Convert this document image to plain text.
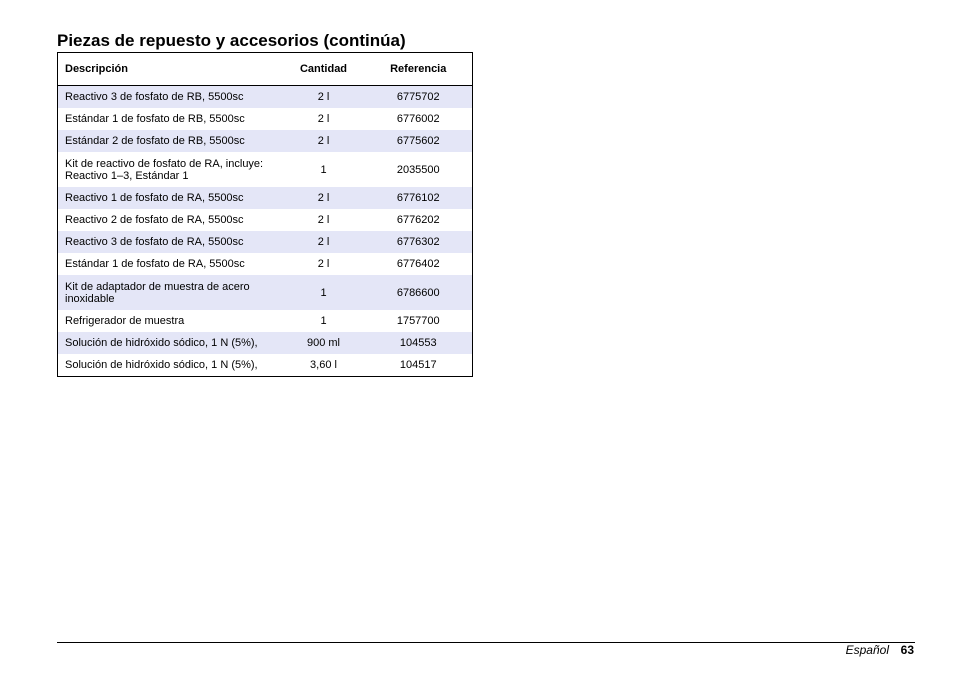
Piezas de repuesto y accesorios (continúa)
Descripción	Cantidad	Referencia
Reactivo 3 de fosfato de RB, 5500sc	2 l	6775702
Estándar 1 de fosfato de RB, 5500sc	2 l	6776002
Estándar 2 de fosfato de RB, 5500sc	2 l	6775602
Kit de reactivo de fosfato de RA, incluye: Reactivo 1–3, Estándar 1	1	2035500
Reactivo 1 de fosfato de RA, 5500sc	2 l	6776102
Reactivo 2 de fosfato de RA, 5500sc	2 l	6776202
Reactivo 3 de fosfato de RA, 5500sc	2 l	6776302
Estándar 1 de fosfato de RA, 5500sc	2 l	6776402
Kit de adaptador de muestra de acero inoxidable	1	6786600
Refrigerador de muestra	1	1757700
Solución de hidróxido sódico, 1 N (5%),	900 ml	104553
Solución de hidróxido sódico, 1 N (5%),	3,60 l	104517
Español 63
